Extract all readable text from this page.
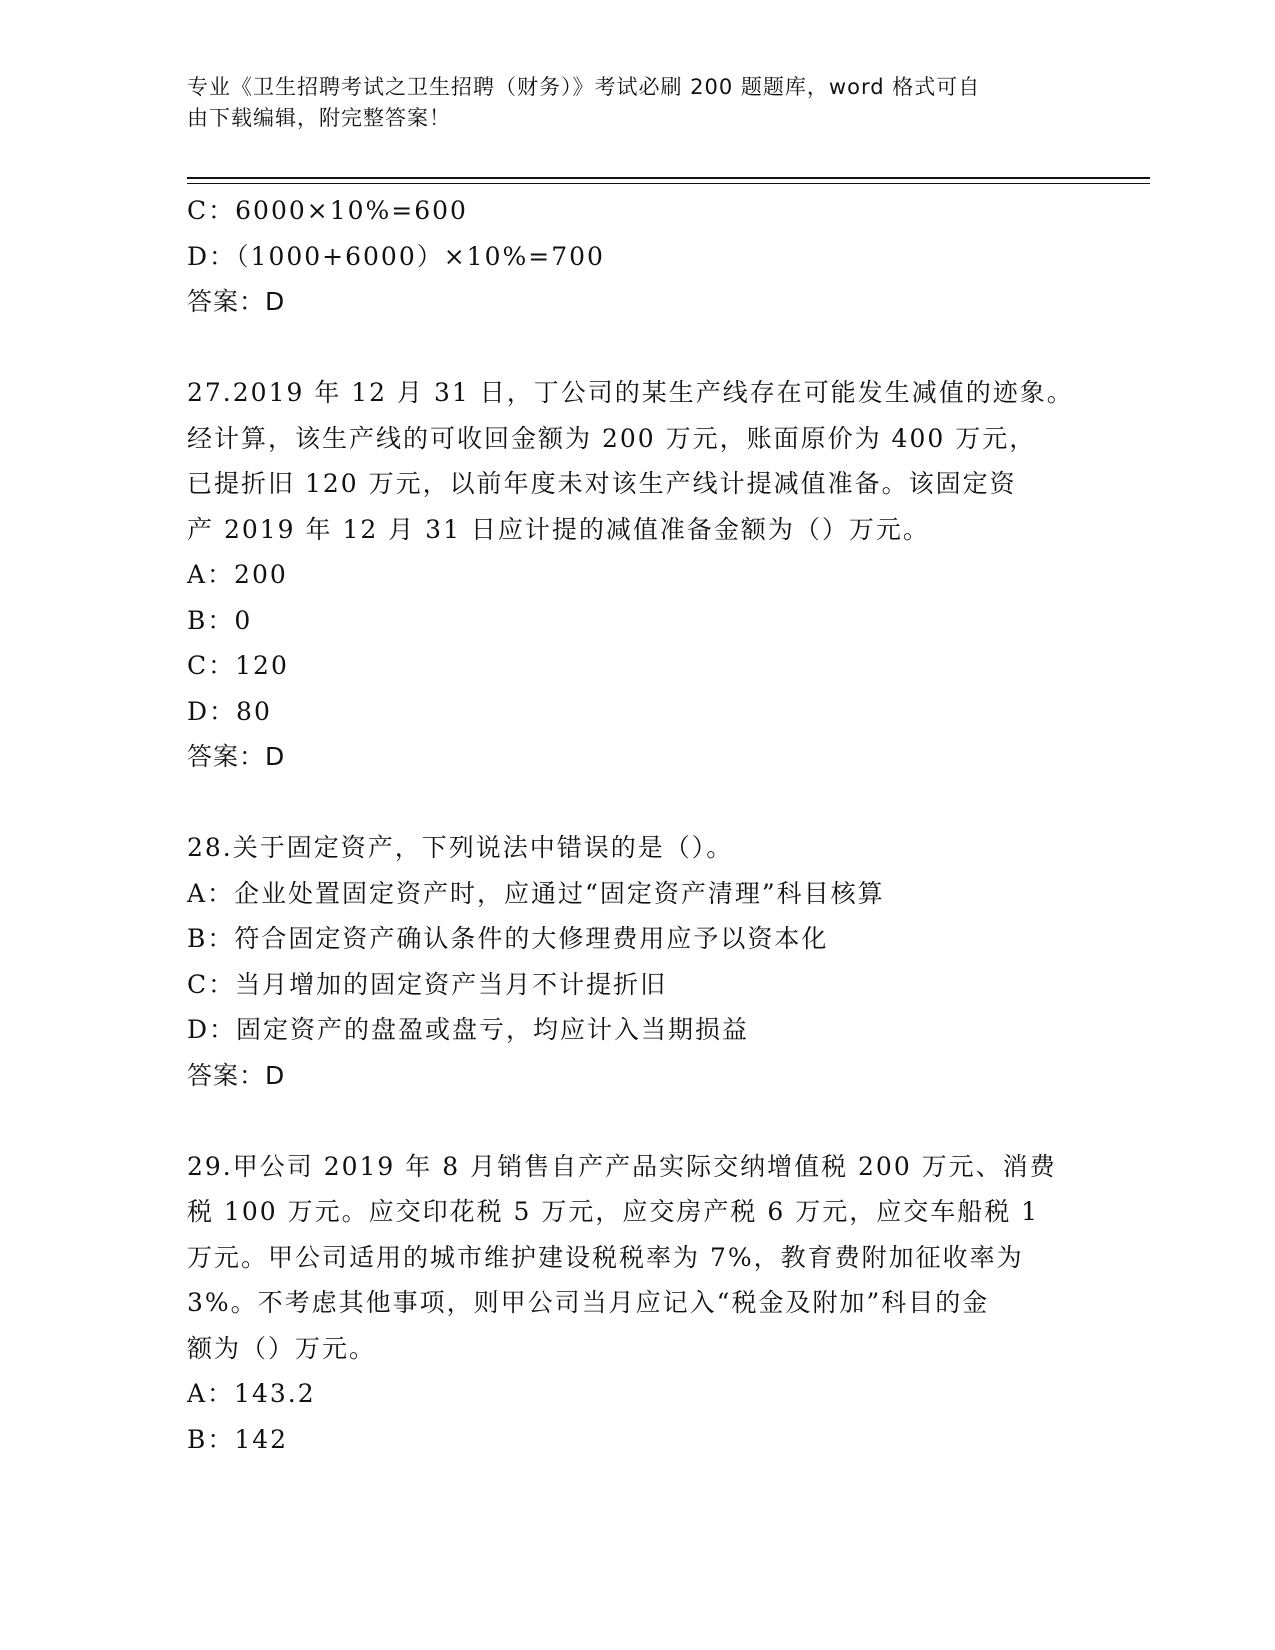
专业《卫生招聘考试之卫生招聘（财务）》考试必刷 200 题题库，word 格式可自
由下载编辑，附完整答案！
C：6000×10%=600
D：（1000+6000）×10%=700
答案：D
27.2019 年 12 月 31 日，丁公司的某生产线存在可能发生减值的迹象。
经计算，该生产线的可收回金额为 200 万元，账面原价为 400 万元，
已提折旧 120 万元，以前年度未对该生产线计提减值准备。该固定资
产 2019 年 12 月 31 日应计提的减值准备金额为（）万元。
A：200
B：0
C：120
D：80
答案：D
28.关于固定资产，下列说法中错误的是（）。
A：企业处置固定资产时，应通过“固定资产清理”科目核算
B：符合固定资产确认条件的大修理费用应予以资本化
C：当月增加的固定资产当月不计提折旧
D：固定资产的盘盈或盘亏，均应计入当期损益
答案：D
29.甲公司 2019 年 8 月销售自产产品实际交纳增值税 200 万元、消费
税 100 万元。应交印花税 5 万元，应交房产税 6 万元，应交车船税 1
万元。甲公司适用的城市维护建设税税率为 7%，教育费附加征收率为
3%。不考虑其他事项，则甲公司当月应记入“税金及附加”科目的金
额为（）万元。
A：143.2
B：142
